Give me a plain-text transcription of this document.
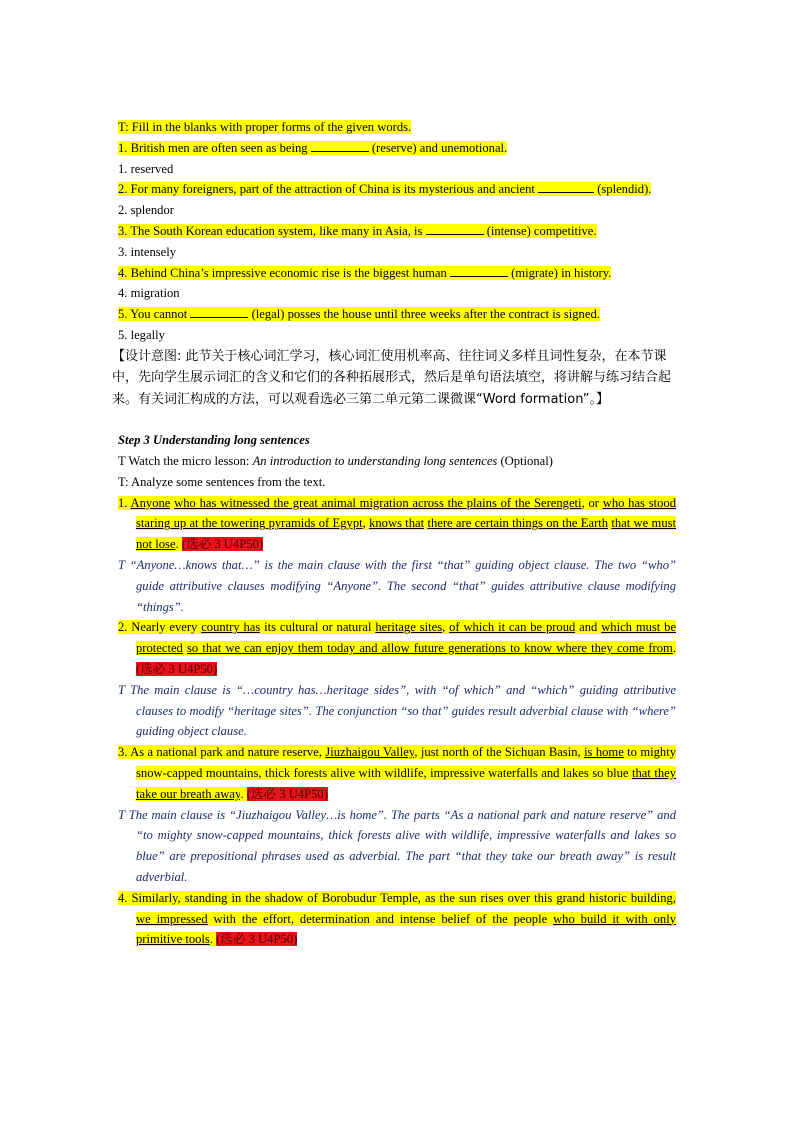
T: Fill in the blanks with proper forms of the given words.

1. British men are often seen as being	(reserve) and unemotional.

1. reserved

2. For many foreigners, part of the attraction of China is its mysterious and ancient	(splendid).

2. splendor

3. The South Korean education system, like many in Asia, is	(intense) competitive.

3. intensely

4. Behind China’s impressive economic rise is the biggest human	(migrate) in history.

4. migration

5. You cannot	(legal) posses the house until three weeks after the contract is signed.

5. legally

【设计意图: 此节关于核心词汇学习，核心词汇使用机率高、往往词义多样且词性复杂，在本节课中，先向学生展示词汇的含义和它们的各种拓展形式，然后是单句语法填空，将讲解与练习结合起来。有关词汇构成的方法，可以观看选必三第二单元第二课微课“Word formation”。】

Step 3 Understanding long sentences

T Watch the micro lesson: An introduction to understanding long sentences (Optional)

T: Analyze some sentences from the text.

1. Anyone who has witnessed the great animal migration across the plains of the Serengeti, or who has stood staring up at the towering pyramids of Egypt, knows that there are certain things on the Earth that we must not lose. (选必 3 U4P50)

T “Anyone…knows that…” is the main clause with the first “that” guiding object clause. The two “who” guide attributive clauses modifying “Anyone”. The second “that” guides attributive clause modifying “things”.

2. Nearly every country has its cultural or natural heritage sites, of which it can be proud and which must be protected so that we can enjoy them today and allow future generations to know where they come from. (选必 3 U4P50)

T The main clause is “…country has…heritage sides”, with “of which” and “which” guiding attributive clauses to modify “heritage sites”. The conjunction “so that” guides result adverbial clause with “where” guiding object clause.

3. As a national park and nature reserve, Jiuzhaigou Valley, just north of the Sichuan Basin, is home to mighty snow-capped mountains, thick forests alive with wildlife, impressive waterfalls and lakes so blue that they take our breath away. (选必 3 U4P50)

T The main clause is “Jiuzhaigou Valley…is home”. The parts “As a national park and nature reserve” and “to mighty snow-capped mountains, thick forests alive with wildlife, impressive waterfalls and lakes so blue” are prepositional phrases used as adverbial. The part “that they take our breath away” is result adverbial.

4. Similarly, standing in the shadow of Borobudur Temple, as the sun rises over this grand historic building, we impressed with the effort, determination and intense belief of the people who build it with only primitive tools. (选必 3 U4P50)
